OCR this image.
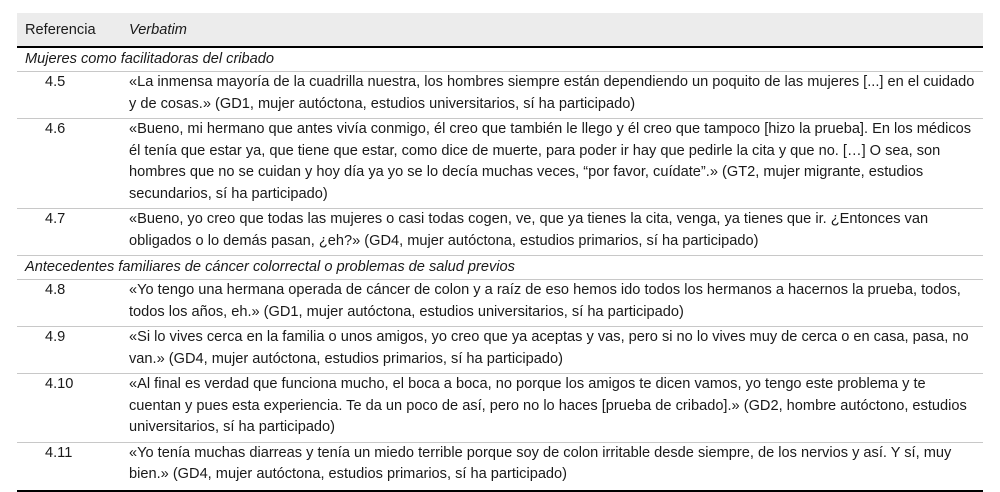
Referencia	Verbatim
Mujeres como facilitadoras del cribado
4.5	«La inmensa mayoría de la cuadrilla nuestra, los hombres siempre están dependiendo un poquito de las mujeres [...] en el cuidado y de cosas.» (GD1, mujer autóctona, estudios universitarios, sí ha participado)
4.6	«Bueno, mi hermano que antes vivía conmigo, él creo que también le llego y él creo que tampoco [hizo la prueba]. En los médicos él tenía que estar ya, que tiene que estar, como dice de muerte, para poder ir hay que pedirle la cita y que no. […] O sea, son hombres que no se cuidan y hoy día ya yo se lo decía muchas veces, “por favor, cuídate”.» (GT2, mujer migrante, estudios secundarios, sí ha participado)
4.7	«Bueno, yo creo que todas las mujeres o casi todas cogen, ve, que ya tienes la cita, venga, ya tienes que ir. ¿Entonces van obligados o lo demás pasan, ¿eh?» (GD4, mujer autóctona, estudios primarios, sí ha participado)
Antecedentes familiares de cáncer colorrectal o problemas de salud previos
4.8	«Yo tengo una hermana operada de cáncer de colon y a raíz de eso hemos ido todos los hermanos a hacernos la prueba, todos, todos los años, eh.» (GD1, mujer autóctona, estudios universitarios, sí ha participado)
4.9	«Si lo vives cerca en la familia o unos amigos, yo creo que ya aceptas y vas, pero si no lo vives muy de cerca o en casa, pasa, no van.» (GD4, mujer autóctona, estudios primarios, sí ha participado)
4.10	«Al final es verdad que funciona mucho, el boca a boca, no porque los amigos te dicen vamos, yo tengo este problema y te cuentan y pues esta experiencia. Te da un poco de así, pero no lo haces [prueba de cribado].» (GD2, hombre autóctono, estudios universitarios, sí ha participado)
4.11	«Yo tenía muchas diarreas y tenía un miedo terrible porque soy de colon irritable desde siempre, de los nervios y así. Y sí, muy bien.» (GD4, mujer autóctona, estudios primarios, sí ha participado)
